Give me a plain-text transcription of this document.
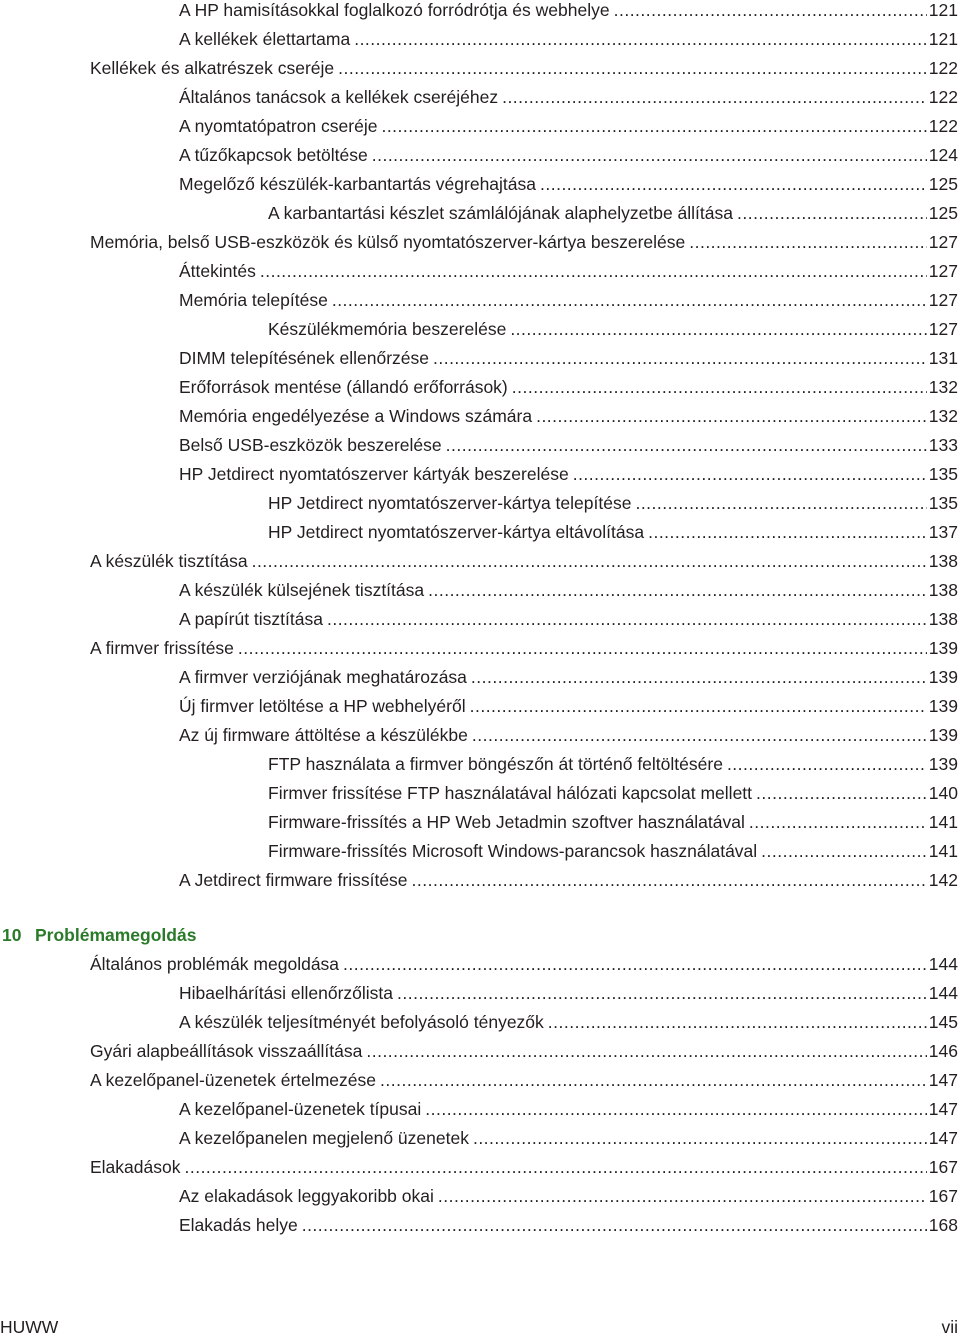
A HP hamisításokkal foglalkozó forródrótja és webhelye .....	121
A kellékek élettartama .....	121
Kellékek és alkatrészek cseréje .....	122
Általános tanácsok a kellékek cseréjéhez .....	122
A nyomtatópatron cseréje .....	122
A tűzőkapcsok betöltése .....	124
Megelőző készülék-karbantartás végrehajtása .....	125
A karbantartási készlet számlálójának alaphelyzetbe állítása .....	125
Memória, belső USB-eszközök és külső nyomtatószerver-kártya beszerelése .....	127
Áttekintés .....	127
Memória telepítése .....	127
Készülékmemória beszerelése .....	127
DIMM telepítésének ellenőrzése .....	131
Erőforrások mentése (állandó erőforrások) .....	132
Memória engedélyezése a Windows számára .....	132
Belső USB-eszközök beszerelése .....	133
HP Jetdirect nyomtatószerver kártyák beszerelése .....	135
HP Jetdirect nyomtatószerver-kártya telepítése .....	135
HP Jetdirect nyomtatószerver-kártya eltávolítása .....	137
A készülék tisztítása .....	138
A készülék külsejének tisztítása .....	138
A papírút tisztítása .....	138
A firmver frissítése .....	139
A firmver verziójának meghatározása .....	139
Új firmver letöltése a HP webhelyéről .....	139
Az új firmware áttöltése a készülékbe .....	139
FTP használata a firmver böngészőn át történő feltöltésére .....	139
Firmver frissítése FTP használatával hálózati kapcsolat mellett .....	140
Firmware-frissítés a HP Web Jetadmin szoftver használatával .....	141
Firmware-frissítés Microsoft Windows-parancsok használatával .....	141
A Jetdirect firmware frissítése .....	142
10 Problémamegoldás
Általános problémák megoldása .....	144
Hibaelhárítási ellenőrzőlista .....	144
A készülék teljesítményét befolyásoló tényezők .....	145
Gyári alapbeállítások visszaállítása .....	146
A kezelőpanel-üzenetek értelmezése .....	147
A kezelőpanel-üzenetek típusai .....	147
A kezelőpanelen megjelenő üzenetek .....	147
Elakadások .....	167
Az elakadások leggyakoribb okai .....	167
Elakadás helye .....	168
HUWW	vii
